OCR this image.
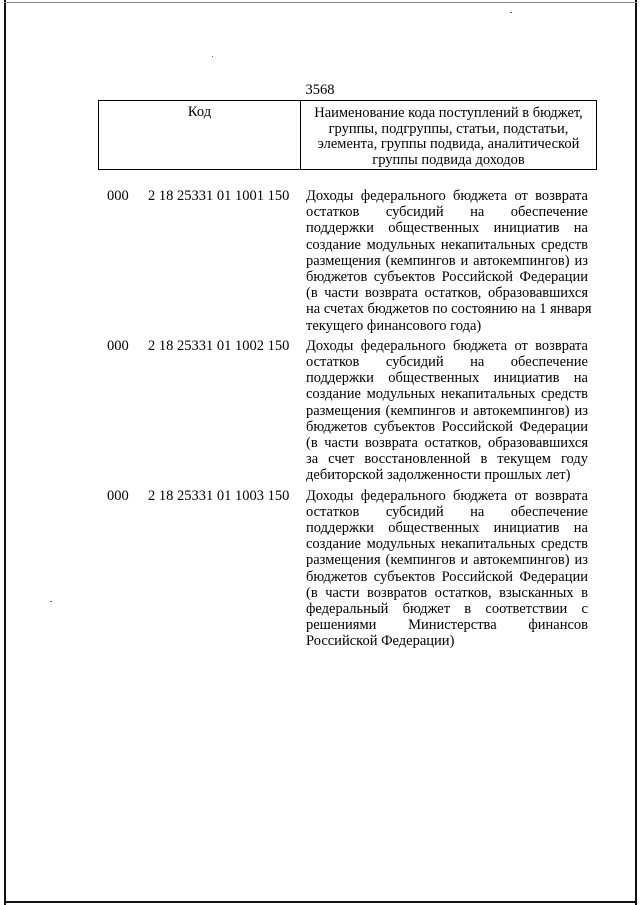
3568
Код	Наименование кода поступлений в бюджет,
группы, подгруппы, статьи, подстатьи,
элемента, группы подвида, аналитической
группы подвида доходов
000 2 18 25331 01 1001 150 Доходы федерального бюджета от возврата
остатков субсидий на обеспечение
поддержки общественных инициатив на
создание модульных некапитальных средств
размещения (кемпингов и автокемпингов) из
бюджетов субъектов Российской Федерации
(в части возврата остатков, образовавшихся
на счетах бюджетов по состоянию на 1 января
текущего финансового года)
000 2 18 25331 01 1002 150 Доходы федерального бюджета от возврата
остатков субсидий на обеспечение
поддержки общественных инициатив на
создание модульных некапитальных средств
размещения (кемпингов и автокемпингов) из
бюджетов субъектов Российской Федерации
(в части возврата остатков, образовавшихся
за счет восстановленной в текущем году
дебиторской задолженности прошлых лет)
000 2 18 25331 01 1003 150 Доходы федерального бюджета от возврата
остатков субсидий на обеспечение
поддержки общественных инициатив на
создание модульных некапитальных средств
размещения (кемпингов и автокемпингов) из
бюджетов субъектов Российской Федерации
(в части возвратов остатков, взысканных в
федеральный бюджет в соответствии с
решениями Министерства финансов
Российской Федерации)
